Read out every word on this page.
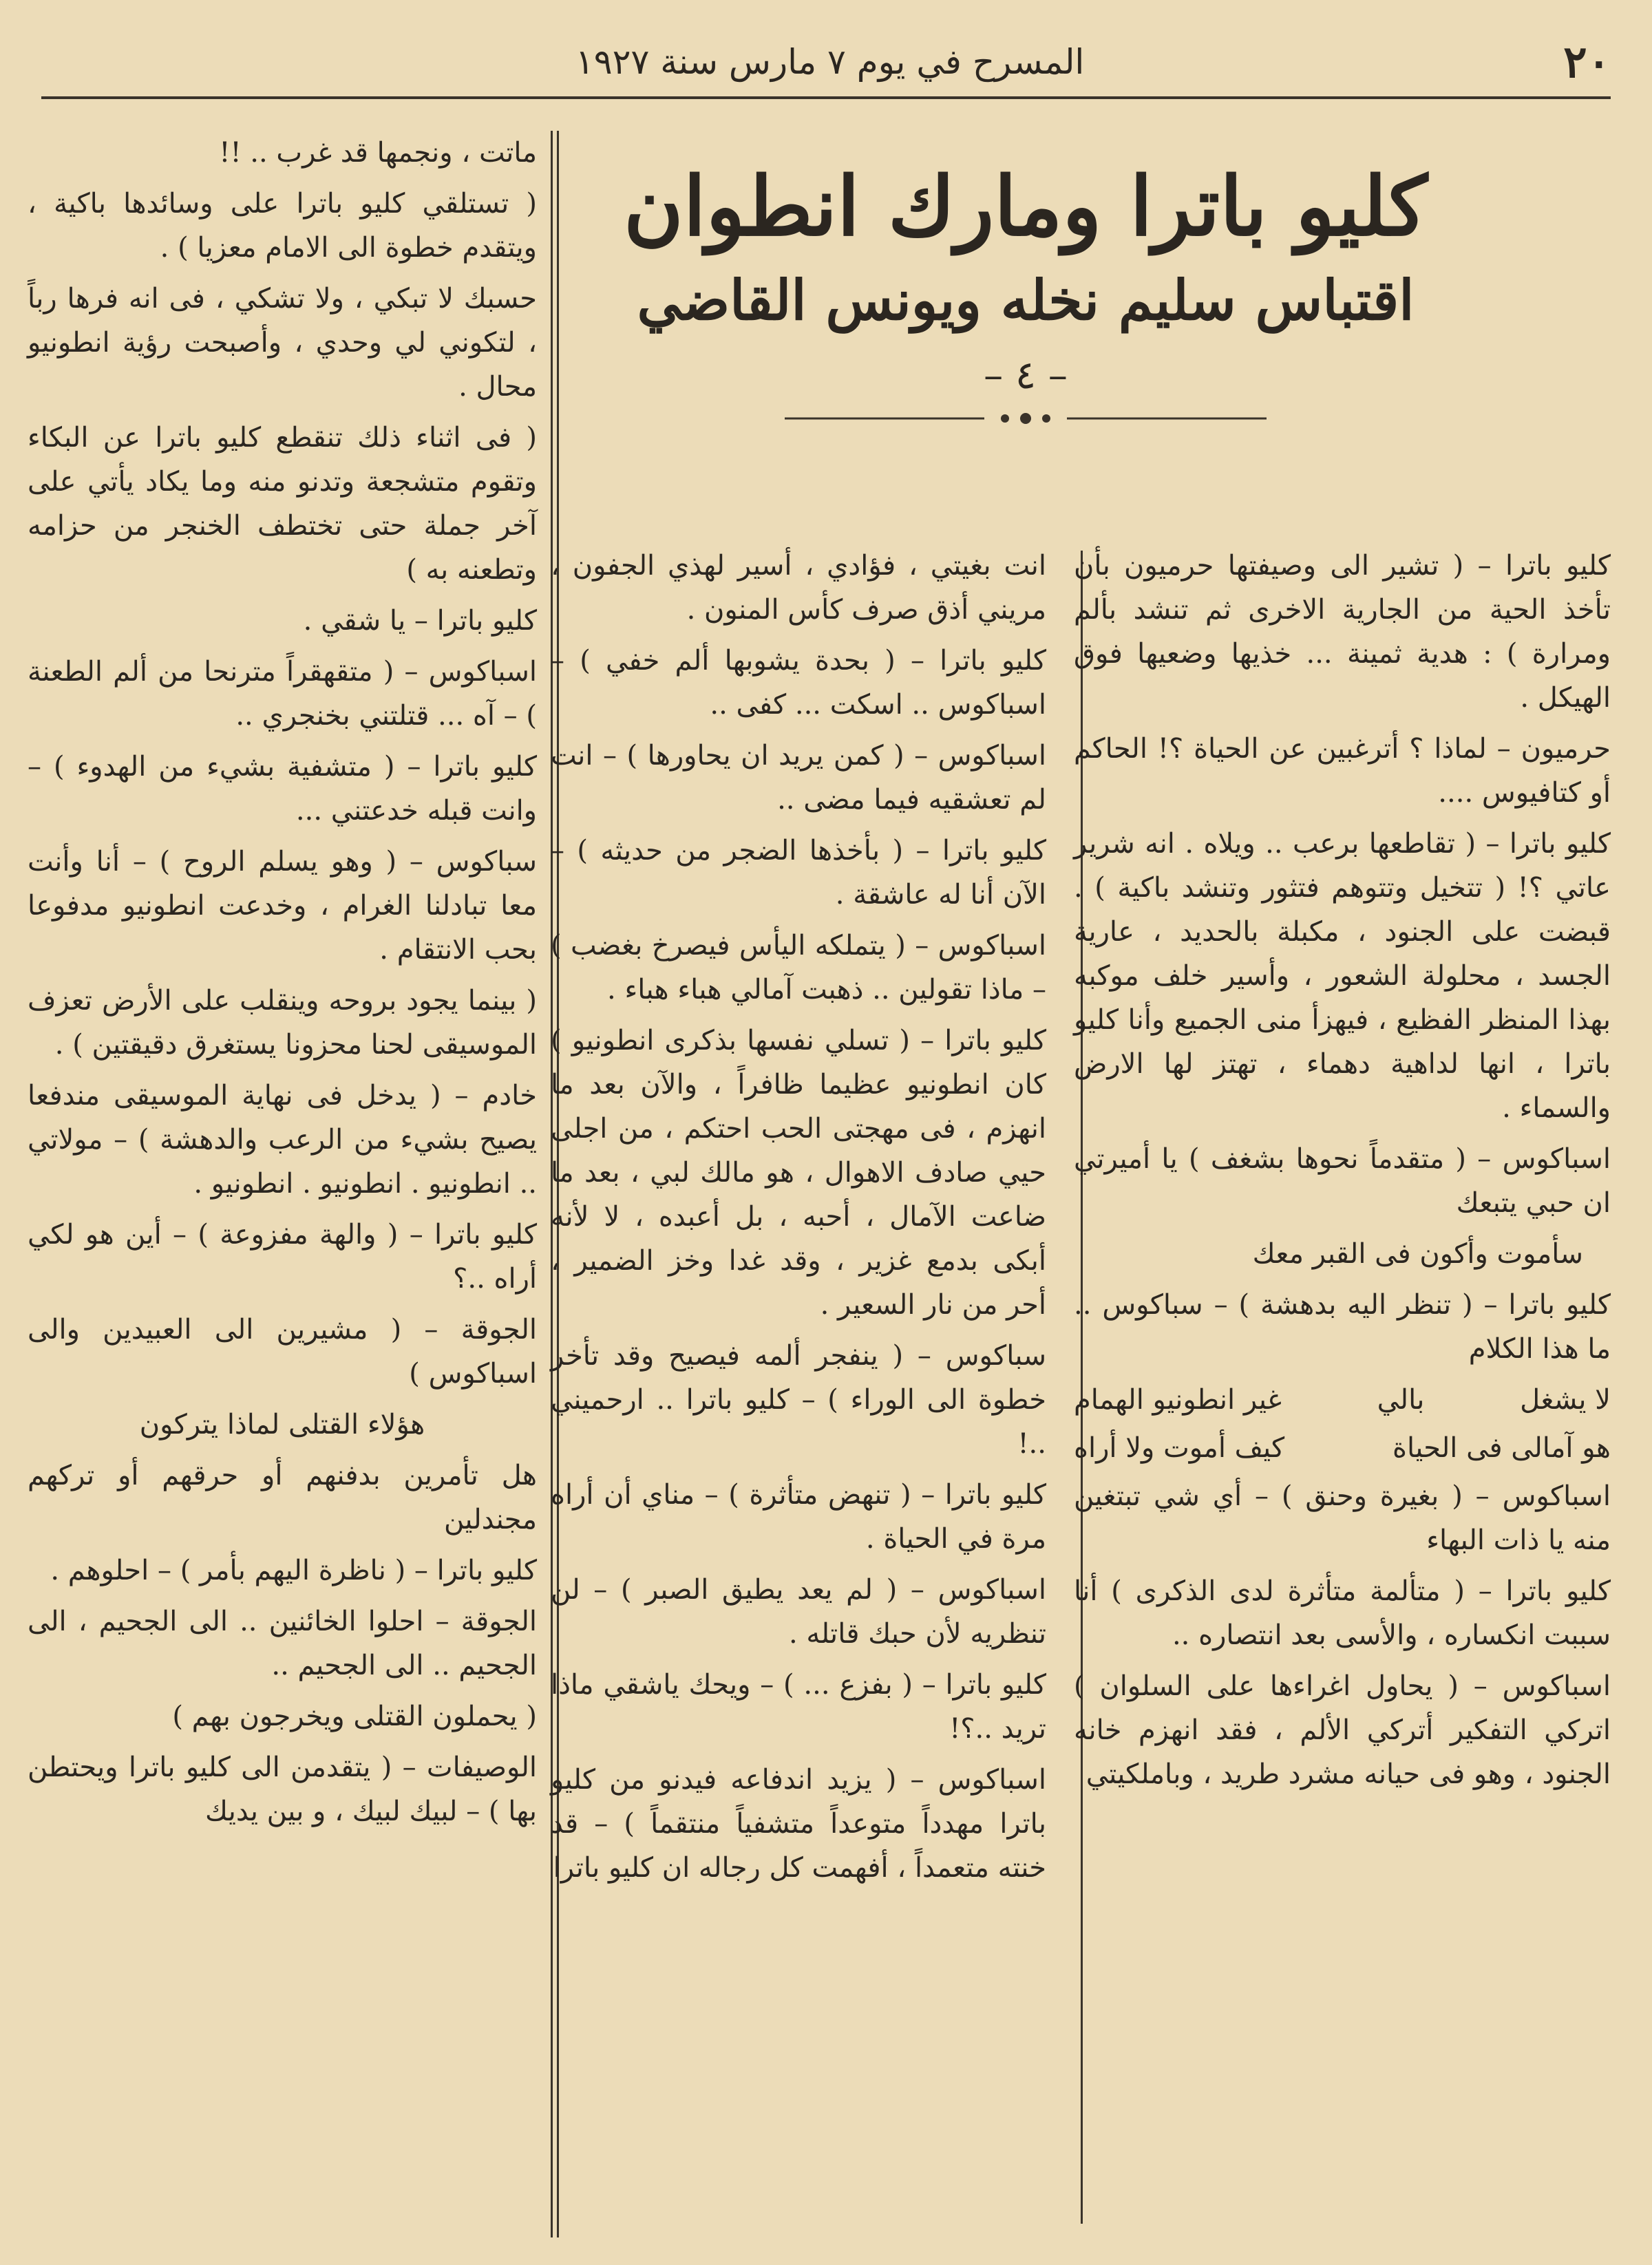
٢٠
المسرح في يوم ٧ مارس سنة ١٩٢٧
كليو باترا ومارك انطوان
اقتباس سليم نخله ويونس القاضي
– ٤ –

كليو باترا – ( تشير الى وصيفتها حرميون بأن تأخذ الحية من الجارية الاخرى ثم تنشد بألم ومرارة ) : هدية ثمينة ... خذيها وضعيها فوق الهيكل .

حرميون – لماذا ؟ أترغبين عن الحياة ؟! الحاكم أو كتافيوس ....

كليو باترا – ( تقاطعها برعب .. ويلاه . انه شرير عاتي ؟! ( تتخيل وتتوهم فتثور وتنشد باكية ) . قبضت على الجنود ، مكبلة بالحديد ، عارية الجسد ، محلولة الشعور ، وأسير خلف موكبه بهذا المنظر الفظيع ، فيهزأ منى الجميع وأنا كليو باترا ، انها لداهية دهماء ، تهتز لها الارض والسماء .

اسباكوس – ( متقدماً نحوها بشغف ) يا أميرتي ان حبي يتبعك

سأموت وأكون فى القبر معك

كليو باترا – ( تنظر اليه بدهشة ) – سباكوس .. ما هذا الكلام

لا يشغل
بالي
غير انطونيو الهمام
هو آمالى فى الحياة
كيف أموت ولا أراه

اسباكوس – ( بغيرة وحنق ) – أي شي تبتغين منه يا ذات البهاء

كليو باترا – ( متألمة متأثرة لدى الذكرى ) أنا سببت انكساره ، والأسى بعد انتصاره ..

اسباكوس – ( يحاول اغراءها على السلوان ) اتركي التفكير أتركي الألم ، فقد انهزم خانه الجنود ، وهو فى حيانه مشرد طريد ، وباملكيتي

انت بغيتي ، فؤادي ، أسير لهذي الجفون ، مريني أذق صرف كأس المنون .

كليو باترا – ( بحدة يشوبها ألم خفي ) – اسباكوس .. اسكت ... كفى ..

اسباكوس – ( كمن يريد ان يحاورها ) – انت لم تعشقيه فيما مضى ..

كليو باترا – ( بأخذها الضجر من حديثه ) – الآن أنا له عاشقة .

اسباكوس – ( يتملكه اليأس فيصرخ بغضب ) – ماذا تقولين .. ذهبت آمالي هباء هباء .

كليو باترا – ( تسلي نفسها بذكرى انطونيو ) كان انطونيو عظيما ظافراً ، والآن بعد ما انهزم ، فى مهجتى الحب احتكم ، من اجلى حيي صادف الاهوال ، هو مالك لبي ، بعد ما ضاعت الآمال ، أحبه ، بل أعبده ، لا لأنه أبكى بدمع غزير ، وقد غدا وخز الضمير ، أحر من نار السعير .

سباكوس – ( ينفجر ألمه فيصيح وقد تأخر خطوة الى الوراء ) – كليو باترا .. ارحميني ..!

كليو باترا – ( تنهض متأثرة ) – مناي أن أراه مرة في الحياة .

اسباكوس – ( لم يعد يطيق الصبر ) – لن تنظريه لأن حبك قاتله .

كليو باترا – ( بفزع ... ) – ويحك ياشقي ماذا تريد ..؟!

اسباكوس – ( يزيد اندفاعه فيدنو من كليو باترا مهدداً متوعداً متشفياً منتقماً ) – قد خنته متعمداً ، أفهمت كل رجاله ان كليو باترا

ماتت ، ونجمها قد غرب .. !!

( تستلقي كليو باترا على وسائدها باكية ، ويتقدم خطوة الى الامام معزيا ) .

حسبك لا تبكي ، ولا تشكي ، فى انه فرها رباً ، لتكوني لي وحدي ، وأصبحت رؤية انطونيو محال .

( فى اثناء ذلك تنقطع كليو باترا عن البكاء وتقوم متشجعة وتدنو منه وما يكاد يأتي على آخر جملة حتى تختطف الخنجر من حزامه وتطعنه به )

كليو باترا – يا شقي .

اسباكوس – ( متقهقراً مترنحا من ألم الطعنة ) – آه ... قتلتني بخنجري ..

كليو باترا – ( متشفية بشيء من الهدوء ) – وانت قبله خدعتني ...

سباكوس – ( وهو يسلم الروح ) – أنا وأنت معا تبادلنا الغرام ، وخدعت انطونيو مدفوعا بحب الانتقام .

( بينما يجود بروحه وينقلب على الأرض تعزف الموسيقى لحنا محزونا يستغرق دقيقتين ) .

خادم – ( يدخل فى نهاية الموسيقى مندفعا يصيح بشيء من الرعب والدهشة ) – مولاتي .. انطونيو . انطونيو . انطونيو .

كليو باترا – ( والهة مفزوعة ) – أين هو لكي أراه ..؟

الجوقة – ( مشيرين الى العبيدين والى اسباكوس )

هؤلاء القتلى لماذا يتركون

هل تأمرين بدفنهم أو حرقهم أو تركهم مجندلين

كليو باترا – ( ناظرة اليهم بأمر ) – احلوهم .

الجوقة – احلوا الخائنين .. الى الجحيم ، الى الجحيم .. الى الجحيم ..

( يحملون القتلى ويخرجون بهم )

الوصيفات – ( يتقدمن الى كليو باترا ويحتطن بها ) – لبيك لبيك ، و بين يديك
